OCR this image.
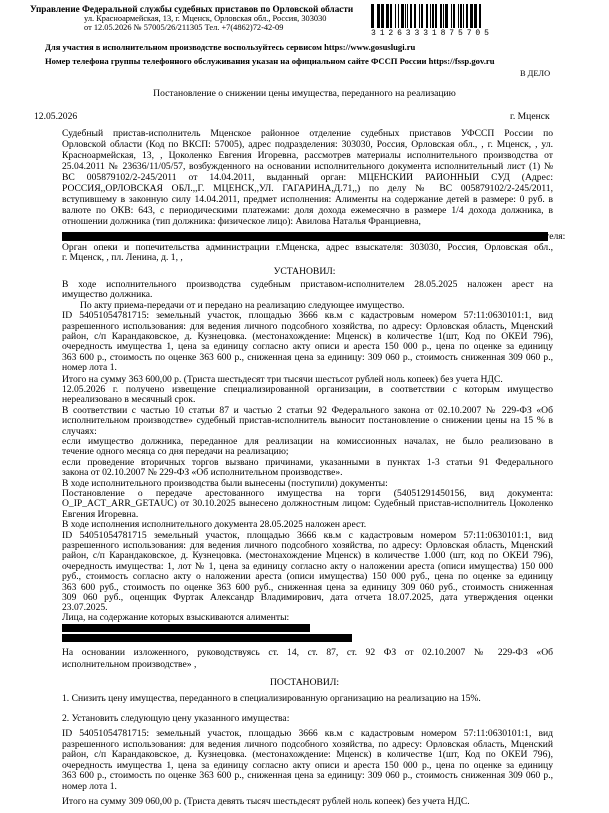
Управление Федеральной службы судебных приставов по Орловской области
ул. Красноармейская, 13, г. Мценск, Орловская обл., Россия, 303030
от 12.05.2026 № 57005/26/211305 Тел. +7(4862)72-42-09
31263331875705
Для участия в исполнительном производстве воспользуйтесь сервисом https://www.gosuslugi.ru
Номер телефона группы телефонного обслуживания указан на официальном сайте ФССП России https://fssp.gov.ru
В ДЕЛО
Постановление о снижении цены имущества, переданного на реализацию
12.05.2026	г. Мценск
Судебный пристав-исполнитель Мценское районное отделение судебных приставов УФССП России по
Орловской области (Код по ВКСП: 57005), адрес подразделения: 303030, Россия, Орловская обл., , г. Мценск, , ул.
Красноармейская, 13, , Цоколенко Евгения Игоревна, рассмотрев материалы исполнительного производства от
25.04.2011 № 23636/11/05/57, возбужденного на основании исполнительного документа исполнительный лист (1) №
ВС 005879102/2-245/2011 от 14.04.2011, выданный орган: МЦЕНСКИЙ РАЙОННЫЙ СУД (Адрес:
РОССИЯ,,ОРЛОВСКАЯ ОБЛ.,,Г. МЦЕНСК,,УЛ. ГАГАРИНА,Д.71,,) по делу № ВС 005879102/2-245/2011,
вступившему в законную силу 14.04.2011, предмет исполнения: Алименты на содержание детей в размере: 0 руб. в
валюте по ОКВ: 643, с периодическими платежами: доля дохода ежемесячно в размере 1/4 дохода должника, в
отношении должника (тип должника: физическое лицо): Авилова Наталья Франциевна,
, в пользу взыскателя:
Орган опеки и попечительства администрации г.Мценска, адрес взыскателя: 303030, Россия, Орловская обл.,
г. Мценск, , пл. Ленина, д. 1, ,
УСТАНОВИЛ:
В ходе исполнительного производства судебным приставом-исполнителем 28.05.2025 наложен арест на
имущество должника.
По акту приема-передачи от и передано на реализацию следующее имущество.
ID 54051054781715: земельный участок, площадью 3666 кв.м с кадастровым номером 57:11:0630101:1, вид
разрешенного использования: для ведения личного подсобного хозяйства, по адресу: Орловская область, Мценский
район, с/п Карандаковское, д. Кузнецовка. (местонахождение: Мценск) в количестве 1(шт, Код по ОКЕИ 796),
очередность имущества 1, цена за единицу согласно акту описи и ареста 150 000 р., цена по оценке за единицу
363 600 р., стоимость по оценке 363 600 р., сниженная цена за единицу: 309 060 р., стоимость сниженная 309 060 р.,
номер лота 1.
Итого на сумму 363 600,00 р. (Триста шестьдесят три тысячи шестьсот рублей ноль копеек) без учета НДС.
12.05.2026 г. получено извещение специализированной организации, в соответствии с которым имущество
нереализовано в месячный срок.
В соответствии с частью 10 статьи 87 и частью 2 статьи 92 Федерального закона от 02.10.2007 № 229-ФЗ «Об
исполнительном производстве» судебный пристав-исполнитель выносит постановление о снижении цены на 15 % в
случаях:
если имущество должника, переданное для реализации на комиссионных началах, не было реализовано в
течение одного месяца со дня передачи на реализацию;
если проведение вторичных торгов вызвано причинами, указанными в пунктах 1-3 статьи 91 Федерального
закона от 02.10.2007 № 229-ФЗ «Об исполнительном производстве».
В ходе исполнительного производства были вынесены (поступили) документы:
Постановление о передаче арестованного имущества на торги (54051291450156, вид документа:
O_IP_ACT_ARR_GETAUC) от 30.10.2025 вынесено должностным лицом: Судебный пристав-исполнитель Цоколенко
Евгения Игоревна.
В ходе исполнения исполнительного документа 28.05.2025 наложен арест.
ID 54051054781715 земельный участок, площадью 3666 кв.м с кадастровым номером 57:11:0630101:1, вид
разрешенного использования: для ведения личного подсобного хозяйства, по адресу: Орловская область, Мценский
район, с/п Карандаковское, д. Кузнецовка. (местонахождение Мценск) в количестве 1.000 (шт, код по ОКЕИ 796),
очередность имущества: 1, лот № 1, цена за единицу согласно акту о наложении ареста (описи имущества) 150 000
руб., стоимость согласно акту о наложении ареста (описи имущества) 150 000 руб., цена по оценке за единицу
363 600 руб., стоимость по оценке 363 600 руб., сниженная цена за единицу 309 060 руб., стоимость сниженная
309 060 руб., оценщик Фуртак Александр Владимирович, дата отчета 18.07.2025, дата утверждения оценки
23.07.2025.
Лица, на содержание которых взыскиваются алименты:
На основании изложенного, руководствуясь ст. 14, ст. 87, ст. 92 ФЗ от 02.10.2007 № 229-ФЗ «Об
исполнительном производстве» ,
ПОСТАНОВИЛ:
1. Снизить цену имущества, переданного в специализированную организацию на реализацию на 15%.
2. Установить следующую цену указанного имущества:
ID 54051054781715: земельный участок, площадью 3666 кв.м с кадастровым номером 57:11:0630101:1, вид
разрешенного использования: для ведения личного подсобного хозяйства, по адресу: Орловская область, Мценский
район, с/п Карандаковское, д. Кузнецовка. (местонахождение: Мценск) в количестве 1(шт, Код по ОКЕИ 796),
очередность имущества 1, цена за единицу согласно акту описи и ареста 150 000 р., цена по оценке за единицу
363 600 р., стоимость по оценке 363 600 р., сниженная цена за единицу: 309 060 р., стоимость сниженная 309 060 р.,
номер лота 1.
Итого на сумму 309 060,00 р. (Триста девять тысяч шестьдесят рублей ноль копеек) без учета НДС.
